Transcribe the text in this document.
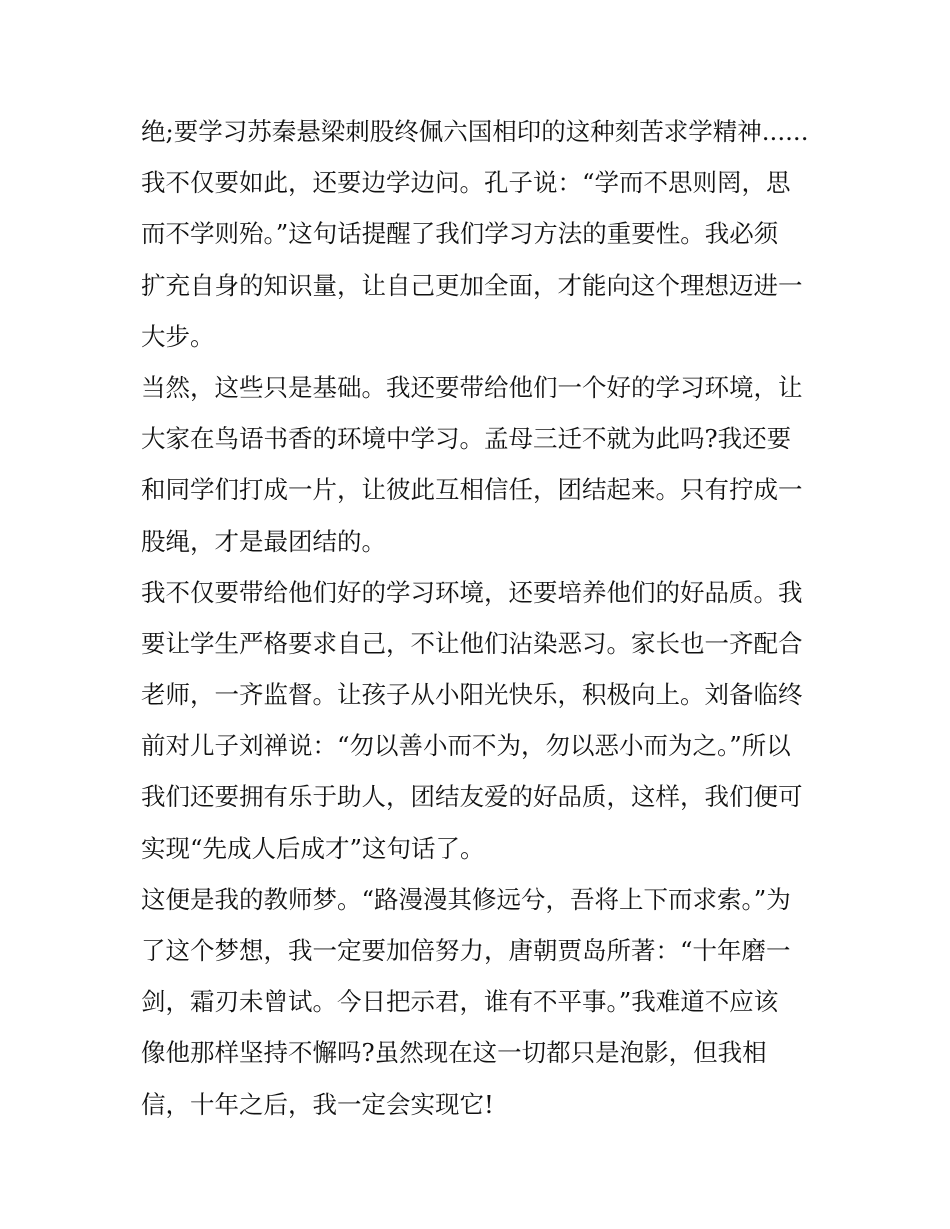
绝;要学习苏秦悬梁刺股终佩六国相印的这种刻苦求学精神......
我不仅要如此，还要边学边问。孔子说：“学而不思则罔，思
而不学则殆。”这句话提醒了我们学习方法的重要性。我必须
扩充自身的知识量，让自己更加全面，才能向这个理想迈进一
大步。
当然，这些只是基础。我还要带给他们一个好的学习环境，让
大家在鸟语书香的环境中学习。孟母三迁不就为此吗?我还要
和同学们打成一片，让彼此互相信任，团结起来。只有拧成一
股绳，才是最团结的。
我不仅要带给他们好的学习环境，还要培养他们的好品质。我
要让学生严格要求自己，不让他们沾染恶习。家长也一齐配合
老师，一齐监督。让孩子从小阳光快乐，积极向上。刘备临终
前对儿子刘禅说：“勿以善小而不为，勿以恶小而为之。”所以
我们还要拥有乐于助人，团结友爱的好品质，这样，我们便可
实现“先成人后成才”这句话了。
这便是我的教师梦。“路漫漫其修远兮，吾将上下而求索。”为
了这个梦想，我一定要加倍努力，唐朝贾岛所著：“十年磨一
剑，霜刃未曾试。今日把示君，谁有不平事。”我难道不应该
像他那样坚持不懈吗?虽然现在这一切都只是泡影，但我相
信，十年之后，我一定会实现它!
